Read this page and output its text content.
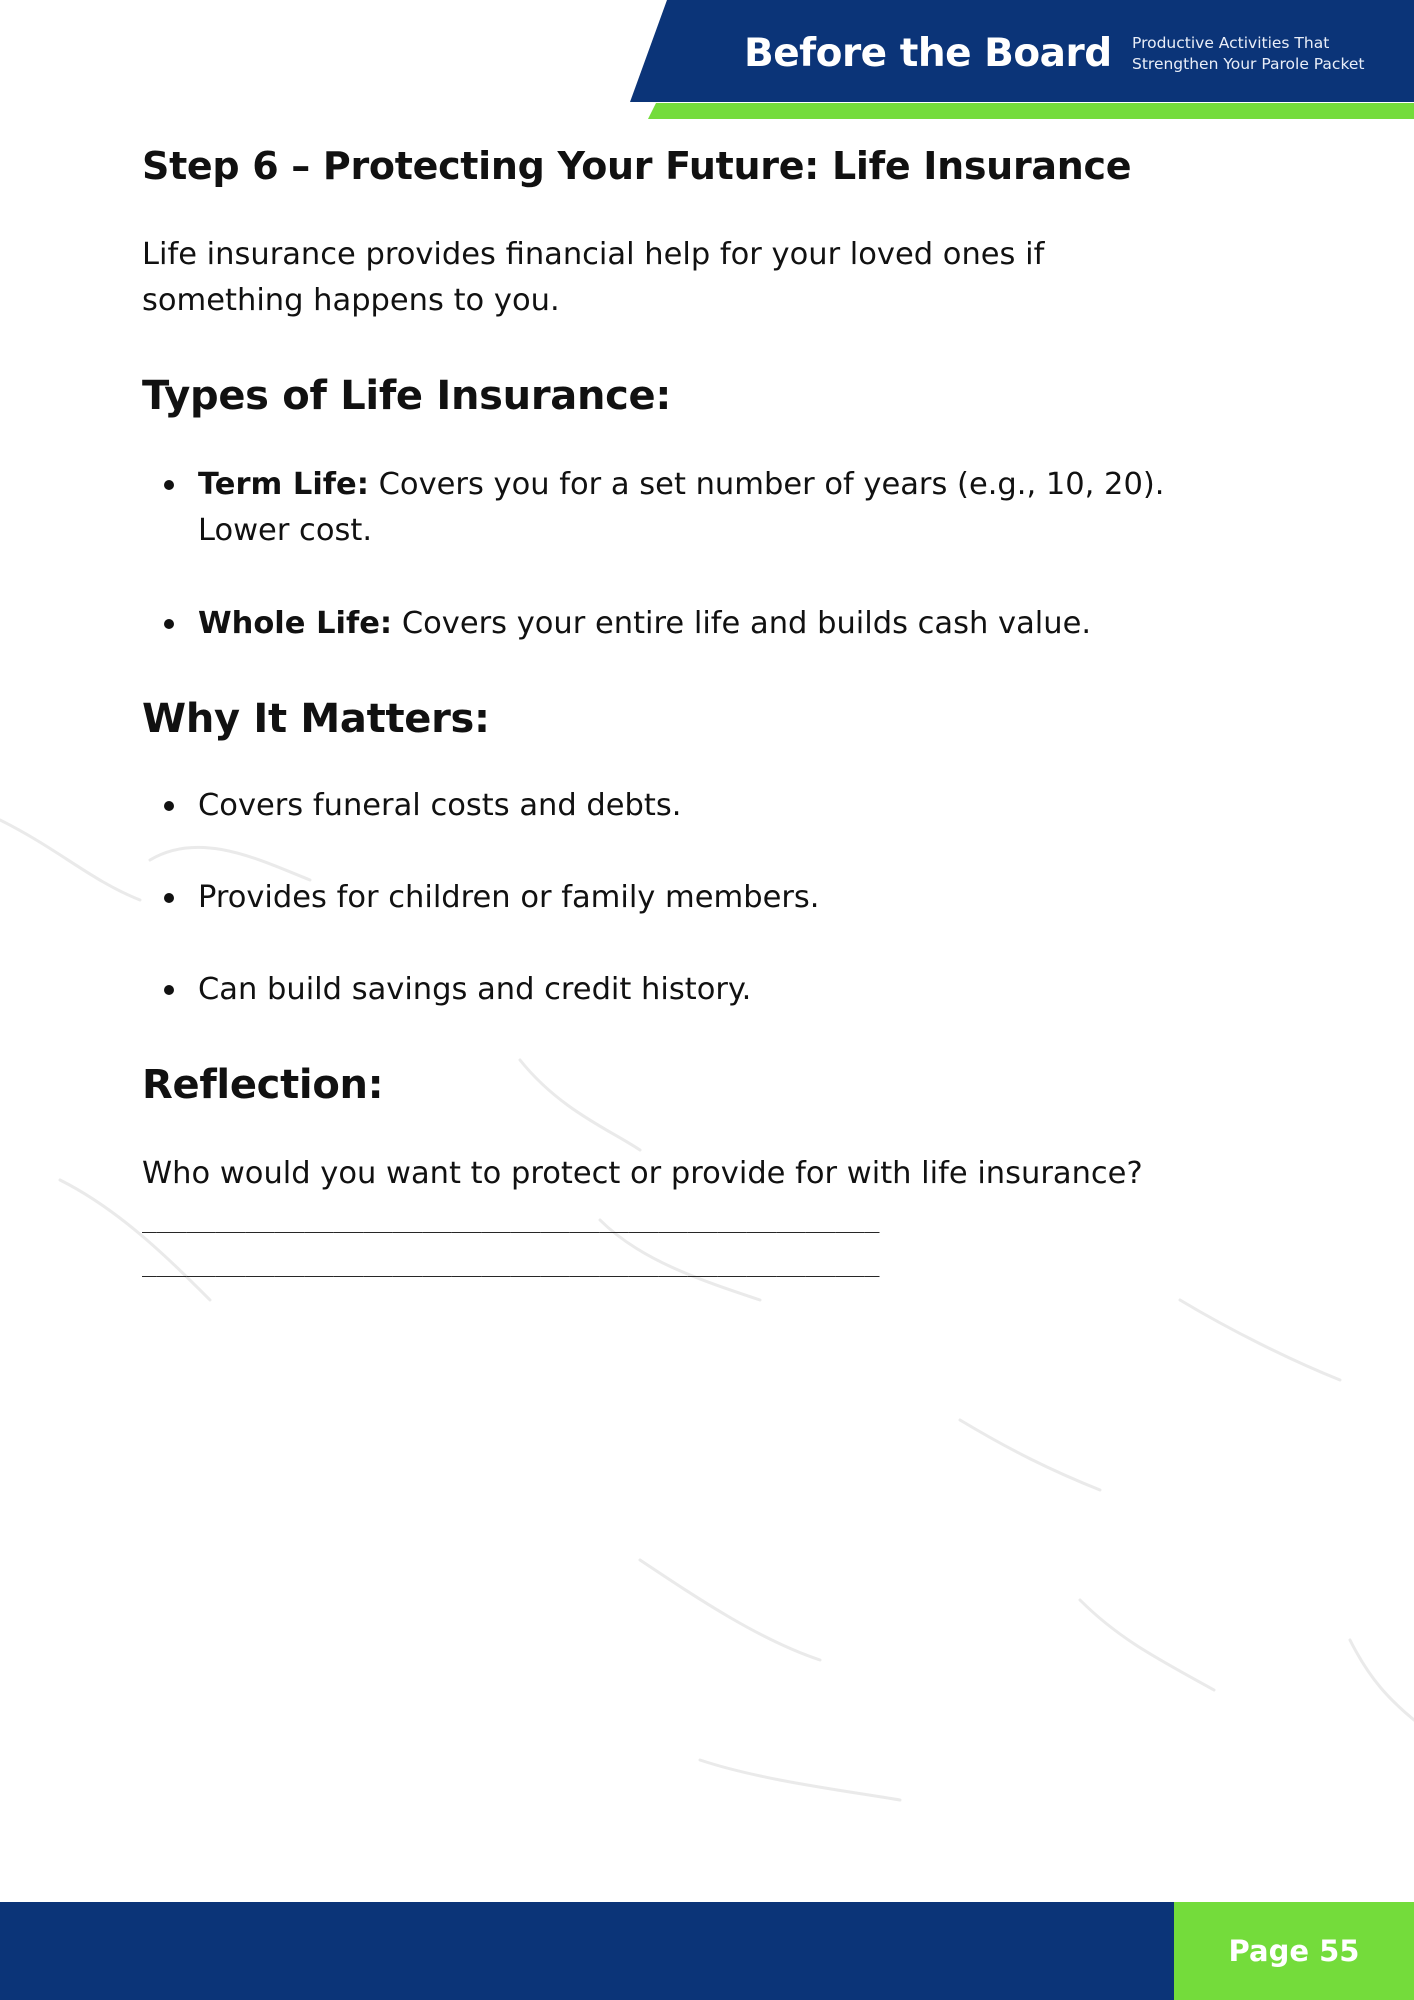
Before the Board Productive Activities That
Strengthen Your Parole Packet
Step 6 – Protecting Your Future: Life Insurance

Life insurance provides financial help for your loved ones if something happens to you.

Types of Life Insurance:
Term Life: Covers you for a set number of years (e.g., 10, 20). Lower cost.
Whole Life: Covers your entire life and builds cash value.
Why It Matters:
Covers funeral costs and debts.
Provides for children or family members.
Can build savings and credit history.
Reflection:

Who would you want to protect or provide for with life insurance?

__________________________________________________
__________________________________________________
Page 55
